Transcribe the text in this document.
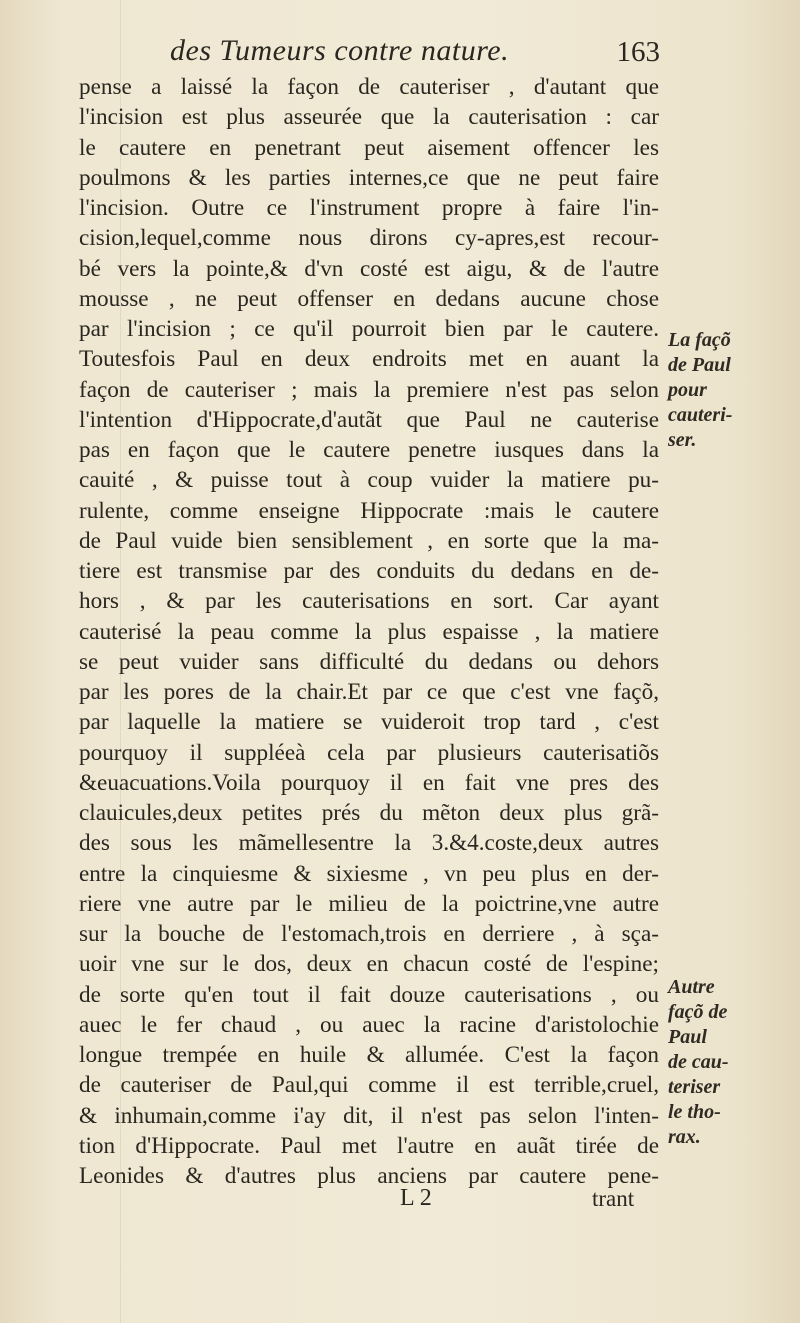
des Tumeurs contre nature.	163
pense a laissé la façon de cauteriser , d'autant que
l'incision est plus asseurée que la cauterisation : car
le cautere en penetrant peut aisement offencer les
poulmons & les parties internes,ce que ne peut faire
l'incision. Outre ce l'instrument propre à faire l'in-
cision,lequel,comme nous dirons cy-apres,est recour-
bé vers la pointe,& d'vn costé est aigu, & de l'autre
mousse , ne peut offenser en dedans aucune chose
par l'incision ; ce qu'il pourroit bien par le cautere.
Toutesfois Paul en deux endroits met en auant la
façon de cauteriser ; mais la premiere n'est pas selon
l'intention d'Hippocrate,d'autãt que Paul ne cauterise
pas en façon que le cautere penetre iusques dans la
cauité , & puisse tout à coup vuider la matiere pu-
rulente, comme enseigne Hippocrate :mais le cautere
de Paul vuide bien sensiblement , en sorte que la ma-
tiere est transmise par des conduits du dedans en de-
hors , & par les cauterisations en sort. Car ayant
cauterisé la peau comme la plus espaisse , la matiere
se peut vuider sans difficulté du dedans ou dehors
par les pores de la chair.Et par ce que c'est vne façõ,
par laquelle la matiere se vuideroit trop tard , c'est
pourquoy il suppléeà cela par plusieurs cauterisatiõs
&euacuations.Voila pourquoy il en fait vne pres des
clauicules,deux petites prés du mẽton deux plus grã-
des sous les mãmellesentre la 3.&4.coste,deux autres
entre la cinquiesme & sixiesme , vn peu plus en der-
riere vne autre par le milieu de la poictrine,vne autre
sur la bouche de l'estomach,trois en derriere , à sça-
uoir vne sur le dos, deux en chacun costé de l'espine;
de sorte qu'en tout il fait douze cauterisations , ou
auec le fer chaud , ou auec la racine d'aristolochie
longue trempée en huile & allumée. C'est la façon
de cauteriser de Paul,qui comme il est terrible,cruel,
& inhumain,comme i'ay dit, il n'est pas selon l'inten-
tion d'Hippocrate. Paul met l'autre en auãt tirée de
Leonides & d'autres plus anciens par cautere pene-
La façõ
de Paul
pour
cauteri-
ser.
Autre
façõ de
Paul
de cau-
teriser
le tho-
rax.
L 2	trant
